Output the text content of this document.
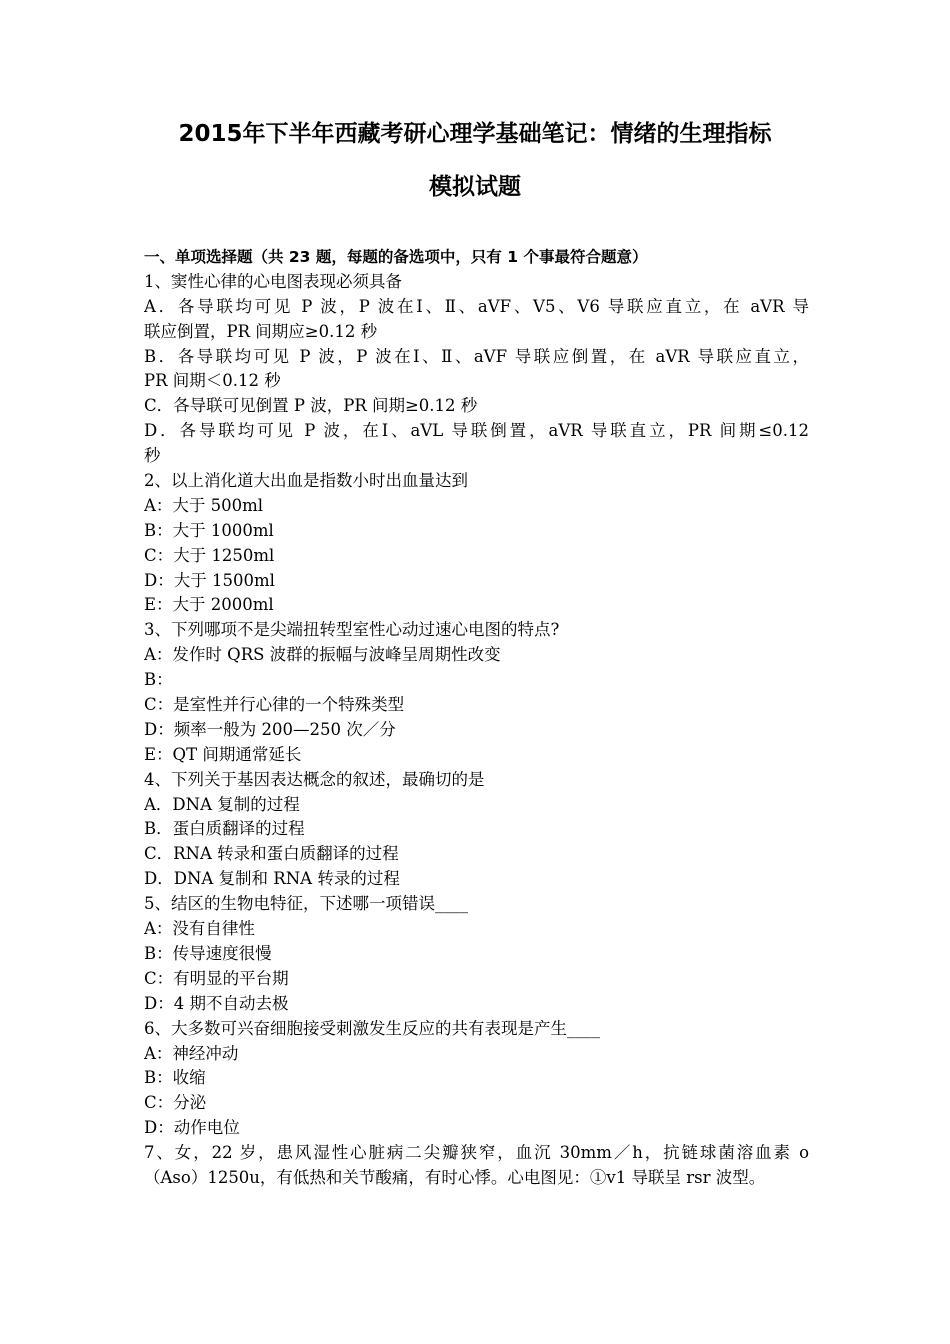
2015年下半年西藏考研心理学基础笔记：情绪的生理指标
模拟试题
一、单项选择题（共 23 题，每题的备选项中，只有 1 个事最符合题意）
1、窦性心律的心电图表现必须具备
A．各导联均可见 P 波，P 波在Ⅰ、Ⅱ、aVF、V5、V6 导联应直立，在 aVR 导
联应倒置，PR 间期应≥0.12 秒
B．各导联均可见 P 波，P 波在Ⅰ、Ⅱ、aVF 导联应倒置，在 aVR 导联应直立，
PR 间期＜0.12 秒
C．各导联可见倒置 P 波，PR 间期≥0.12 秒
D．各导联均可见 P 波，在Ⅰ、aVL 导联倒置，aVR 导联直立，PR 间期≤0.12
秒
2、以上消化道大出血是指数小时出血量达到
A：大于 500ml
B：大于 1000ml
C：大于 1250ml
D：大于 1500ml
E：大于 2000ml
3、下列哪项不是尖端扭转型室性心动过速心电图的特点?
A：发作时 QRS 波群的振幅与波峰呈周期性改变
B：
C：是室性并行心律的一个特殊类型
D：频率一般为 200—250 次／分
E：QT 间期通常延长
4、下列关于基因表达概念的叙述，最确切的是
A．DNA 复制的过程
B．蛋白质翻译的过程
C．RNA 转录和蛋白质翻译的过程
D．DNA 复制和 RNA 转录的过程
5、结区的生物电特征，下述哪一项错误____
A：没有自律性
B：传导速度很慢
C：有明显的平台期
D：4 期不自动去极
6、大多数可兴奋细胞接受刺激发生反应的共有表现是产生____
A：神经冲动
B：收缩
C：分泌
D：动作电位
7、女，22 岁，患风湿性心脏病二尖瓣狭窄，血沉 30mm／h，抗链球菌溶血素 o
（Aso）1250u，有低热和关节酸痛，有时心悸。心电图见：①v1 导联呈 rsr 波型。
